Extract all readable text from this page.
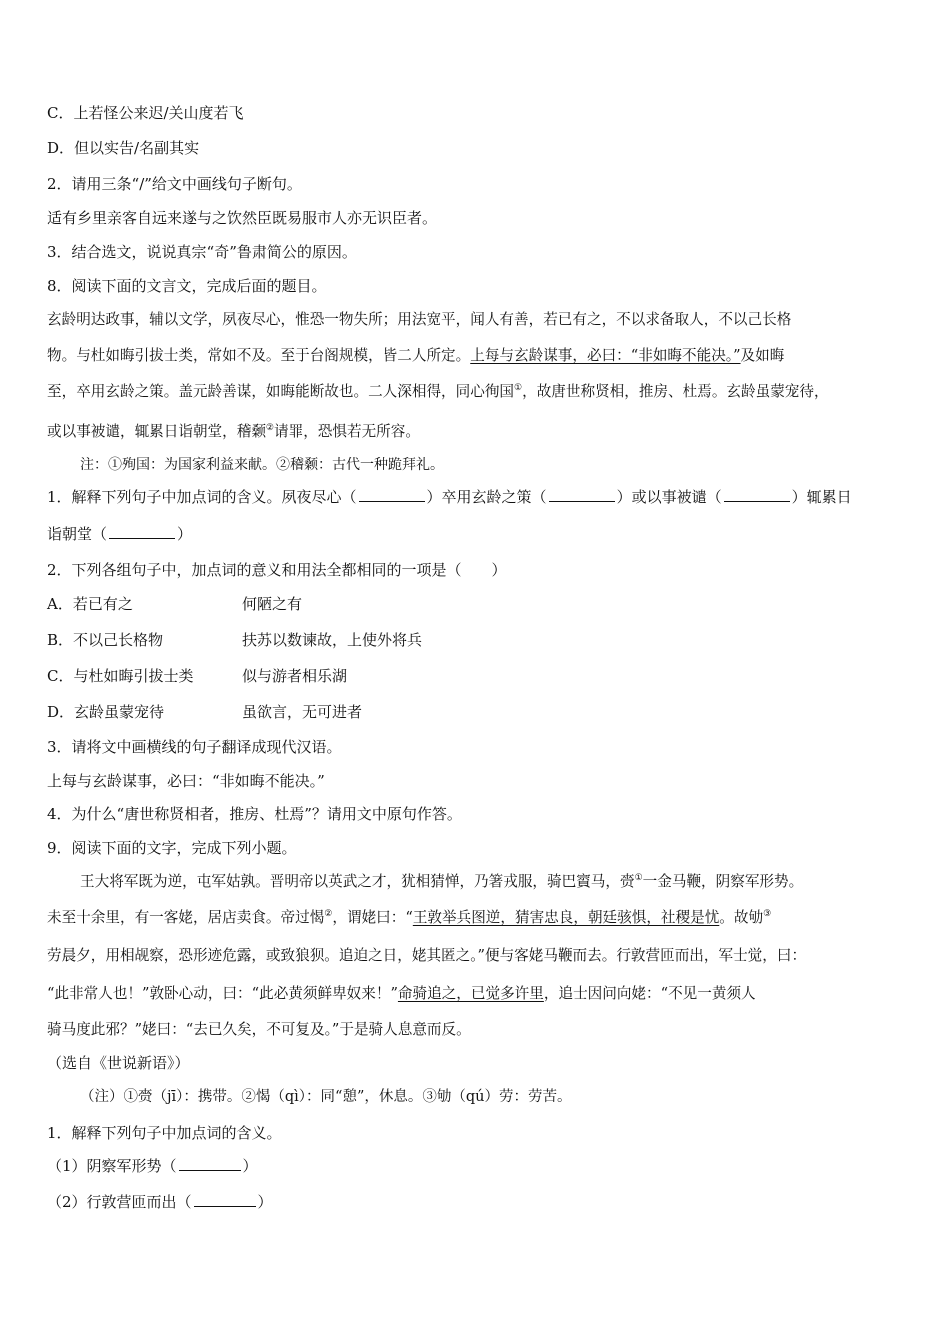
C．上若怪公来迟/关山度若飞
D．但以实告/名副其实
2．请用三条“/”给文中画线句子断句。
适有乡里亲客自远来遂与之饮然臣既易服市人亦无识臣者。
3．结合选文，说说真宗“奇”鲁肃简公的原因。
8．阅读下面的文言文，完成后面的题目。
玄龄明达政事，辅以文学，夙夜尽心，惟恐一物失所；用法宽平，闻人有善，若已有之，不以求备取人，不以己长格
物。与杜如晦引拔士类，常如不及。至于台阁规模，皆二人所定。上每与玄龄谋事，必曰：“非如晦不能决。”及如晦
至，卒用玄龄之策。盖元龄善谋，如晦能断故也。二人深相得，同心徇国①，故唐世称贤相，推房、杜焉。玄龄虽蒙宠待，
或以事被谴，辄累日诣朝堂，稽颡②请罪，恐惧若无所容。
注：①殉国：为国家利益来献。②稽颡：古代一种跪拜礼。
1．解释下列句子中加点词的含义。夙夜尽心（	）卒用玄龄之策（	）或以事被谴（	）辄累日
诣朝堂（	）
2．下列各组句子中，加点词的意义和用法全都相同的一项是（　　）
A．若已有之	何陋之有
B．不以己长格物	扶苏以数谏故，上使外将兵
C．与杜如晦引拔士类	似与游者相乐湖
D．玄龄虽蒙宠待	虽欲言，无可进者
3．请将文中画横线的句子翻译成现代汉语。
上每与玄龄谋事，必曰：“非如晦不能决。”
4．为什么“唐世称贤相者，推房、杜焉”？请用文中原句作答。
9．阅读下面的文字，完成下列小题。
王大将军既为逆，屯军姑孰。晋明帝以英武之才，犹相猜惮，乃箸戎服，骑巴賨马，赍①一金马鞭，阴察军形势。
未至十余里，有一客姥，居店卖食。帝过愒②，谓姥曰：“王敦举兵图逆，猜害忠良，朝廷骇惧，社稷是忧。故劬③
劳晨夕，用相觇察，恐形迹危露，或致狼狈。追迫之日，姥其匿之。”便与客姥马鞭而去。行敦营匝而出，军士觉，曰：
“此非常人也！”敦卧心动，曰：“此必黄须鲜卑奴来！”命骑追之，已觉多许里，追士因问向姥：“不见一黄须人
骑马度此邪？”姥曰：“去已久矣，不可复及。”于是骑人息意而反。
（选自《世说新语》）
（注）①赍（jī）：携带。②愒（qì）：同“憩”，休息。③劬（qú）劳：劳苦。
1．解释下列句子中加点词的含义。
（1）阴察军形势（	）
（2）行敦营匝而出（	）
